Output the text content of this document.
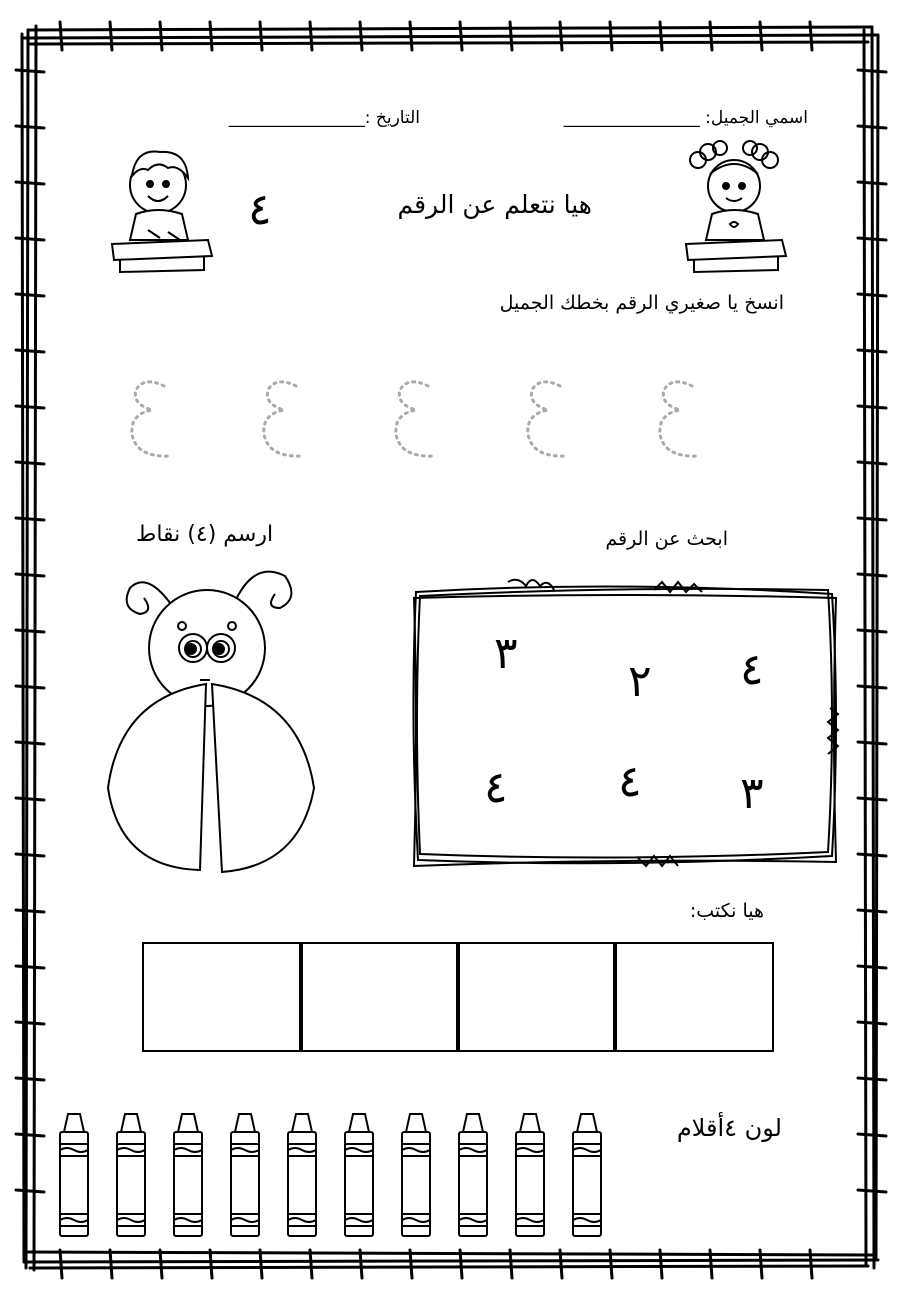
اسمي الجميل: ________________
التاريخ :________________
هيا نتعلم عن الرقم
٤
انسخ يا صغيري الرقم بخطك الجميل
ابحث عن الرقم
ارسم (٤) نقاط
٤
٢
٣
٣
٤
٤
هيا نكتب:
لون ٤أقلام
